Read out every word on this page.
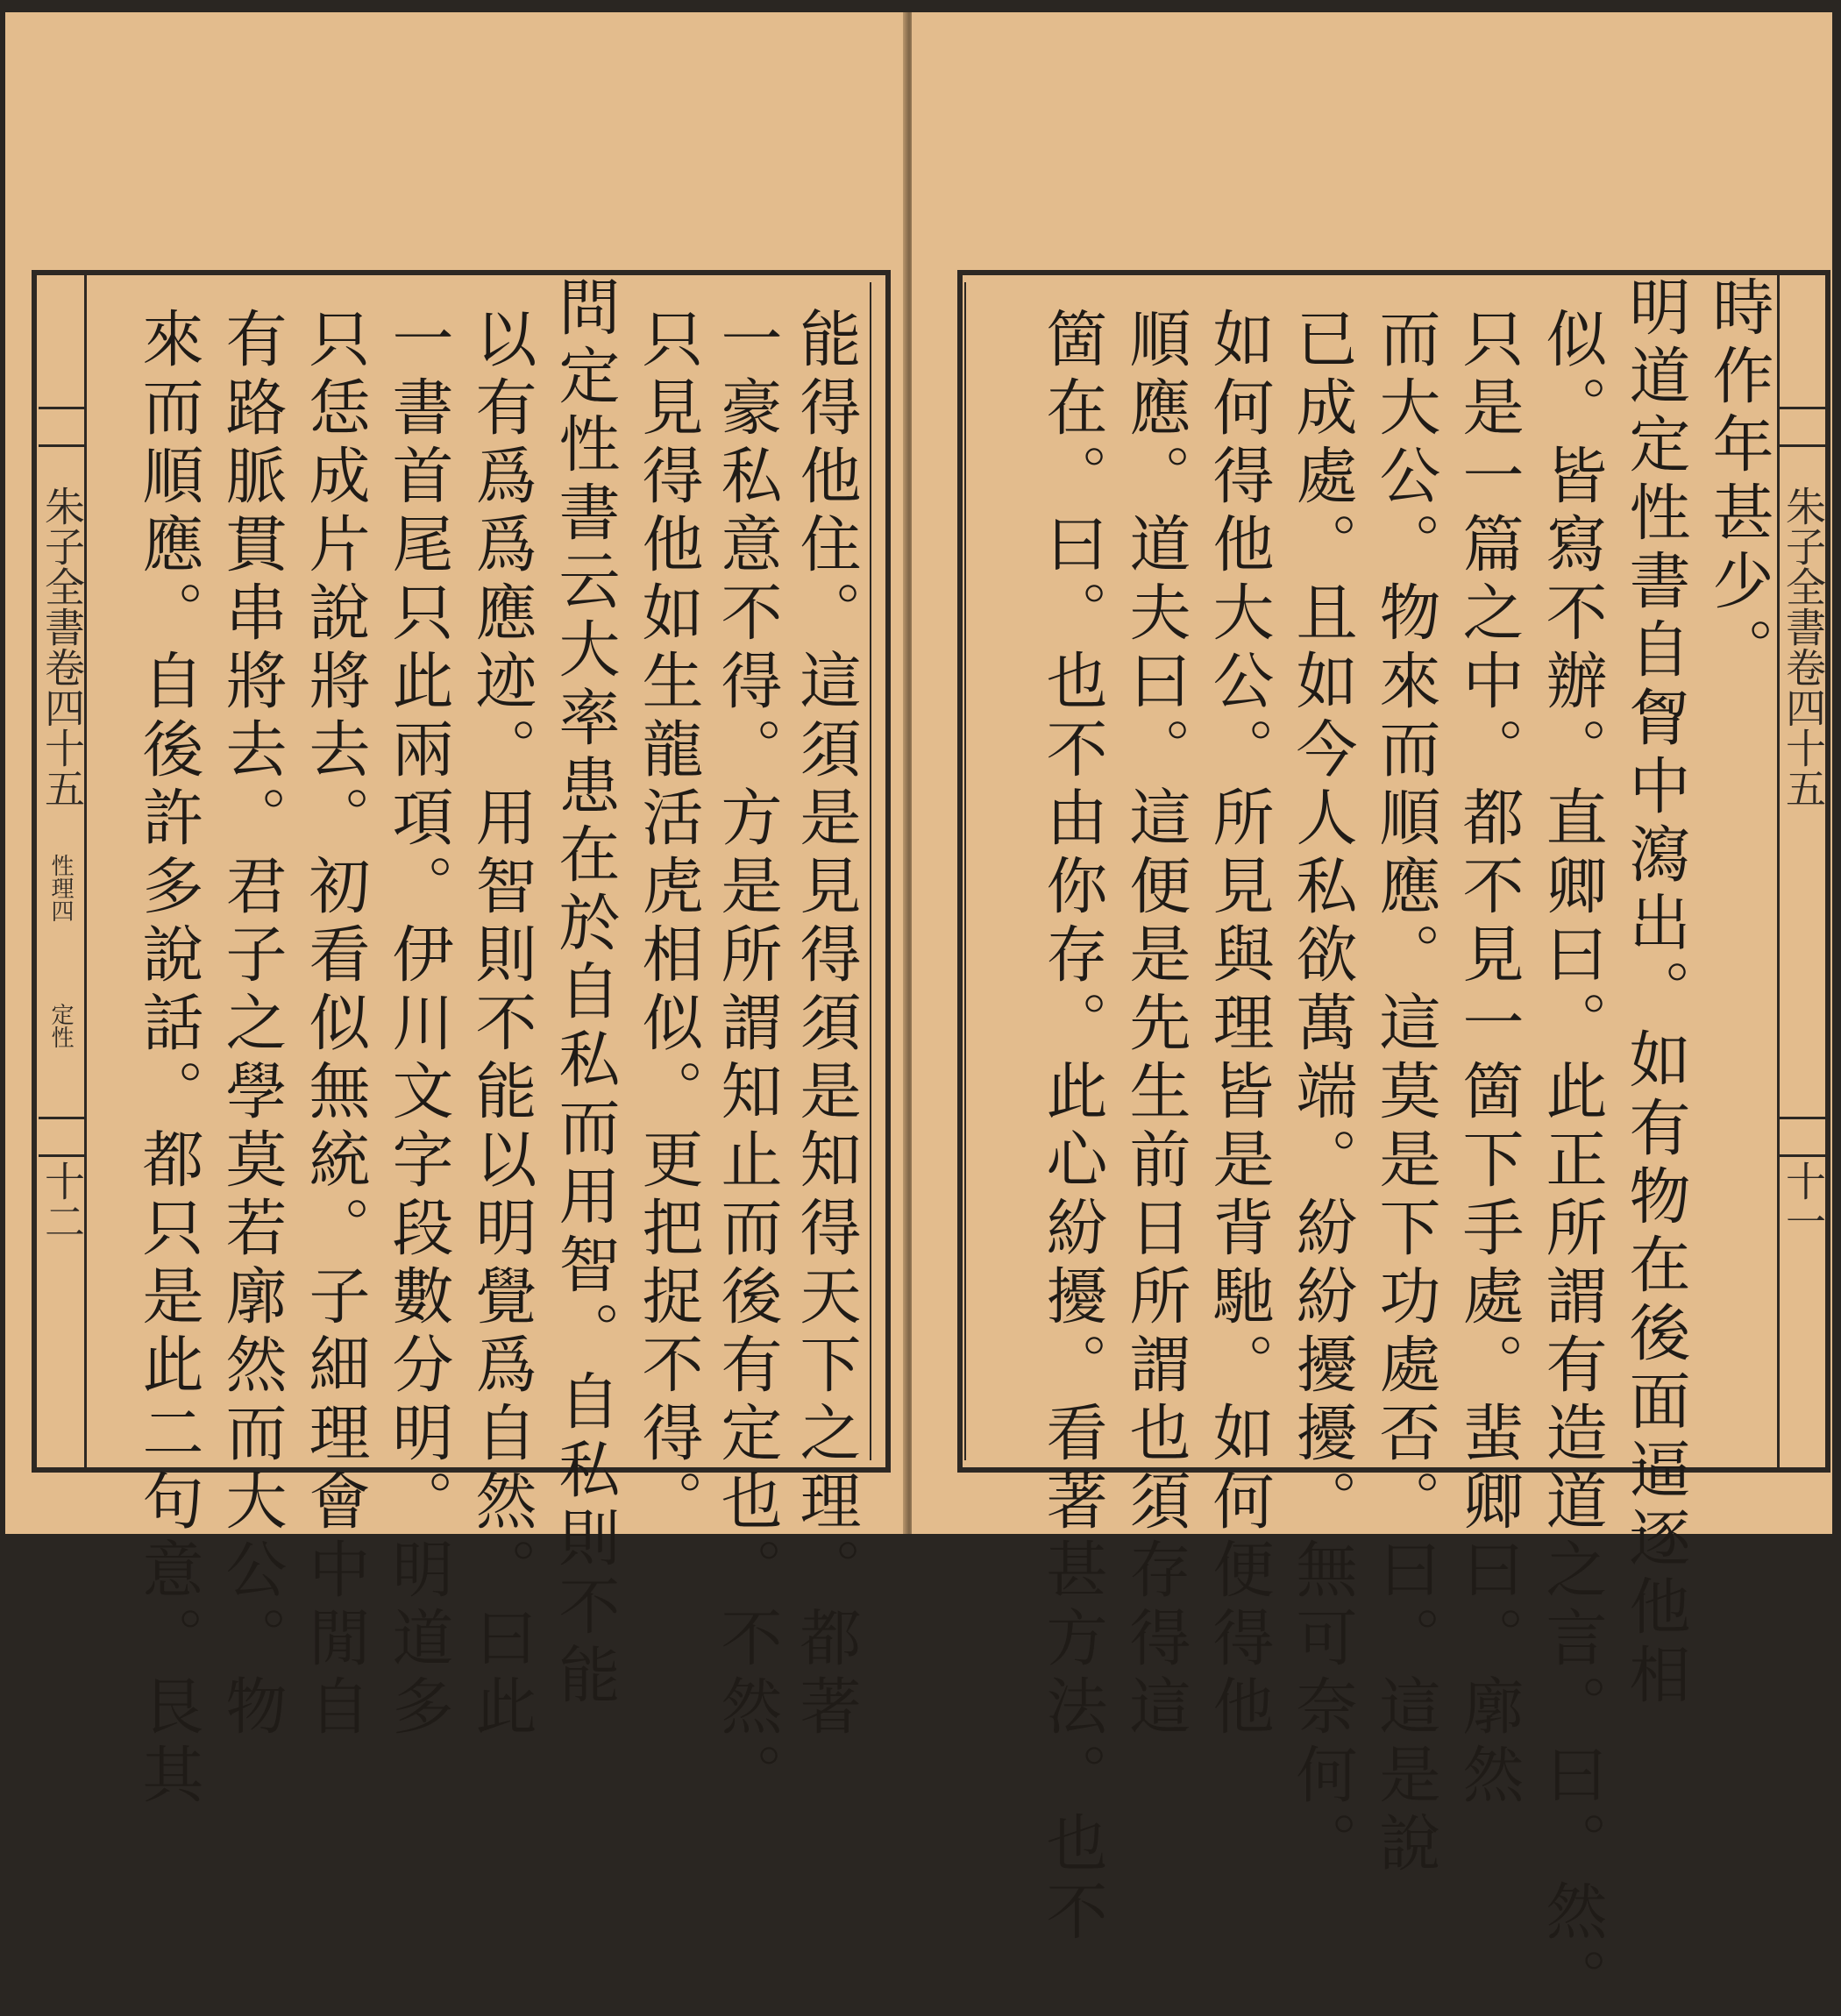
能得他住。這須是見得須是知得天下之理。都著
一豪私意不得。方是所謂知止而後有定也。不然。
只見得他如生龍活虎相似。更把捉不得。
問定性書云大率患在於自私而用智。自私則不能
以有爲爲應迹。用智則不能以明覺爲自然。曰此
一書首尾只此兩項。伊川文字段數分明。明道多
只恁成片說將去。初看似無統。子細理會中閒自
有路脈貫串將去。君子之學莫若廓然而大公。物
來而順應。自後許多說話。都只是此二句意。艮其
朱子全書卷四十五
性理四
定性
十二
時作年甚少。
明道定性書自胷中瀉出。如有物在後面逼逐他相
似。皆寫不辦。直卿曰。此正所謂有造道之言。曰。然。
只是一篇之中。都不見一箇下手處。蜚卿曰。廓然
而大公。物來而順應。這莫是下功處否。曰。這是說
已成處。且如今人私欲萬端。紛紛擾擾。無可奈何。
如何得他大公。所見與理皆是背馳。如何便得他
順應。道夫曰。這便是先生前日所謂也須存得這
箇在。曰。也不由你存。此心紛擾。看著甚方法。也不	朱子全書卷四十五
十一
